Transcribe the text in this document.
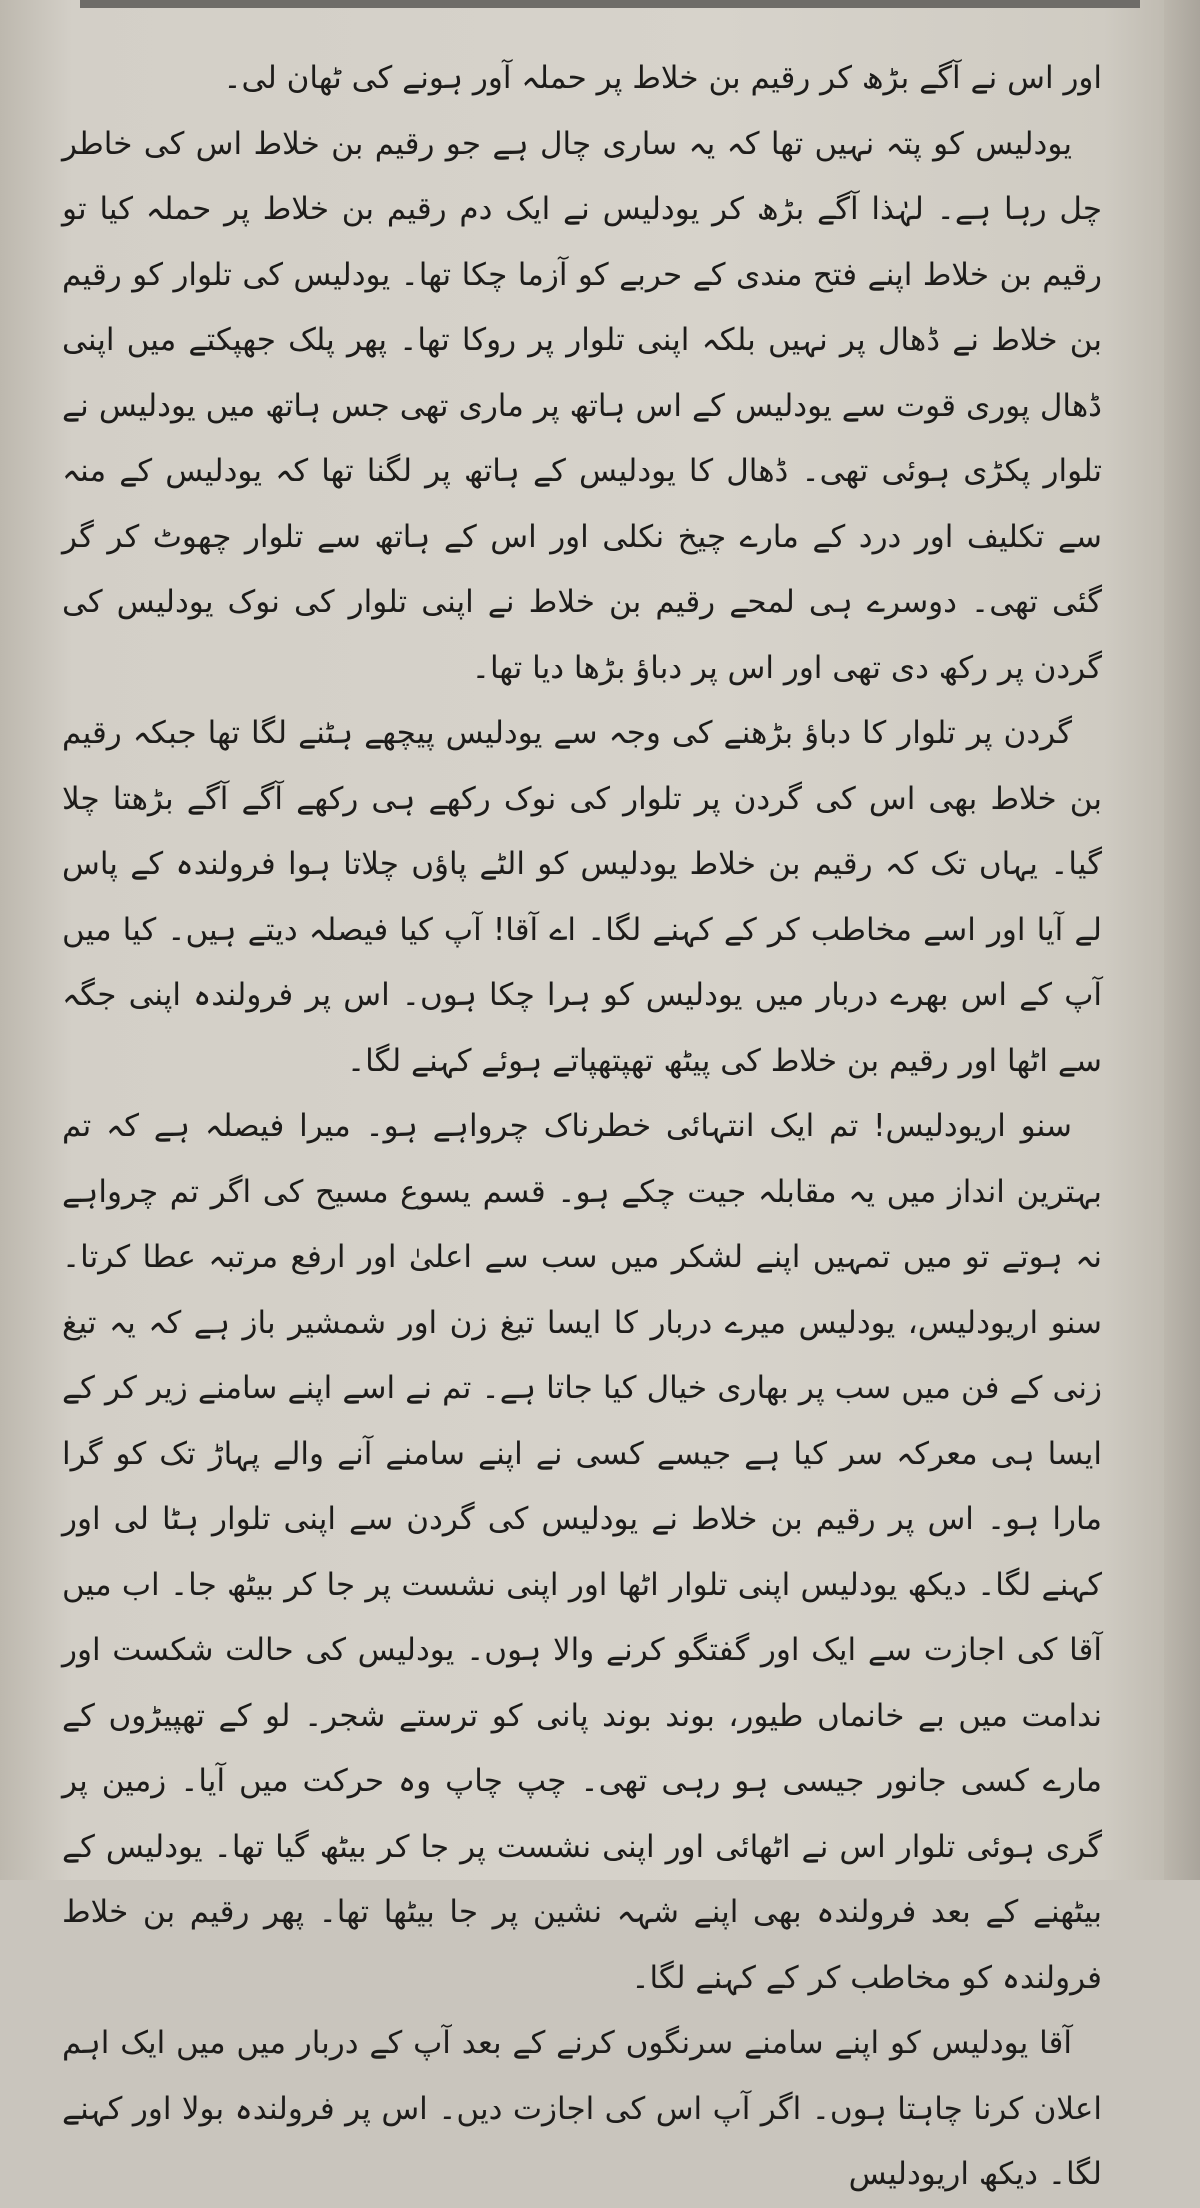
اور اس نے آگے بڑھ کر رقیم بن خلاط پر حملہ آور ہونے کی ٹھان لی۔

یودلیس کو پتہ نہیں تھا کہ یہ ساری چال ہے جو رقیم بن خلاط اس کی خاطر چل رہا ہے۔ لہٰذا آگے بڑھ کر یودلیس نے ایک دم رقیم بن خلاط پر حملہ کیا تو رقیم بن خلاط اپنے فتح مندی کے حربے کو آزما چکا تھا۔ یودلیس کی تلوار کو رقیم بن خلاط نے ڈھال پر نہیں بلکہ اپنی تلوار پر روکا تھا۔ پھر پلک جھپکتے میں اپنی ڈھال پوری قوت سے یودلیس کے اس ہاتھ پر ماری تھی جس ہاتھ میں یودلیس نے تلوار پکڑی ہوئی تھی۔ ڈھال کا یودلیس کے ہاتھ پر لگنا تھا کہ یودلیس کے منہ سے تکلیف اور درد کے مارے چیخ نکلی اور اس کے ہاتھ سے تلوار چھوٹ کر گر گئی تھی۔ دوسرے ہی لمحے رقیم بن خلاط نے اپنی تلوار کی نوک یودلیس کی گردن پر رکھ دی تھی اور اس پر دباؤ بڑھا دیا تھا۔

گردن پر تلوار کا دباؤ بڑھنے کی وجہ سے یودلیس پیچھے ہٹنے لگا تھا جبکہ رقیم بن خلاط بھی اس کی گردن پر تلوار کی نوک رکھے ہی رکھے آگے آگے بڑھتا چلا گیا۔ یہاں تک کہ رقیم بن خلاط یودلیس کو الٹے پاؤں چلاتا ہوا فرولندہ کے پاس لے آیا اور اسے مخاطب کر کے کہنے لگا۔ اے آقا! آپ کیا فیصلہ دیتے ہیں۔ کیا میں آپ کے اس بھرے دربار میں یودلیس کو ہرا چکا ہوں۔ اس پر فرولندہ اپنی جگہ سے اٹھا اور رقیم بن خلاط کی پیٹھ تھپتھپاتے ہوئے کہنے لگا۔

سنو اریودلیس! تم ایک انتہائی خطرناک چرواہے ہو۔ میرا فیصلہ ہے کہ تم بہترین انداز میں یہ مقابلہ جیت چکے ہو۔ قسم یسوع مسیح کی اگر تم چرواہے نہ ہوتے تو میں تمہیں اپنے لشکر میں سب سے اعلیٰ اور ارفع مرتبہ عطا کرتا۔ سنو اریودلیس، یودلیس میرے دربار کا ایسا تیغ زن اور شمشیر باز ہے کہ یہ تیغ زنی کے فن میں سب پر بھاری خیال کیا جاتا ہے۔ تم نے اسے اپنے سامنے زیر کر کے ایسا ہی معرکہ سر کیا ہے جیسے کسی نے اپنے سامنے آنے والے پہاڑ تک کو گرا مارا ہو۔ اس پر رقیم بن خلاط نے یودلیس کی گردن سے اپنی تلوار ہٹا لی اور کہنے لگا۔ دیکھ یودلیس اپنی تلوار اٹھا اور اپنی نشست پر جا کر بیٹھ جا۔ اب میں آقا کی اجازت سے ایک اور گفتگو کرنے والا ہوں۔ یودلیس کی حالت شکست اور ندامت میں بے خانماں طیور، بوند بوند پانی کو ترستے شجر۔ لو کے تھپیڑوں کے مارے کسی جانور جیسی ہو رہی تھی۔ چپ چاپ وہ حرکت میں آیا۔ زمین پر گری ہوئی تلوار اس نے اٹھائی اور اپنی نشست پر جا کر بیٹھ گیا تھا۔ یودلیس کے بیٹھنے کے بعد فرولندہ بھی اپنے شہہ نشین پر جا بیٹھا تھا۔ پھر رقیم بن خلاط فرولندہ کو مخاطب کر کے کہنے لگا۔

آقا یودلیس کو اپنے سامنے سرنگوں کرنے کے بعد آپ کے دربار میں میں ایک اہم اعلان کرنا چاہتا ہوں۔ اگر آپ اس کی اجازت دیں۔ اس پر فرولندہ بولا اور کہنے لگا۔ دیکھ اریودلیس
